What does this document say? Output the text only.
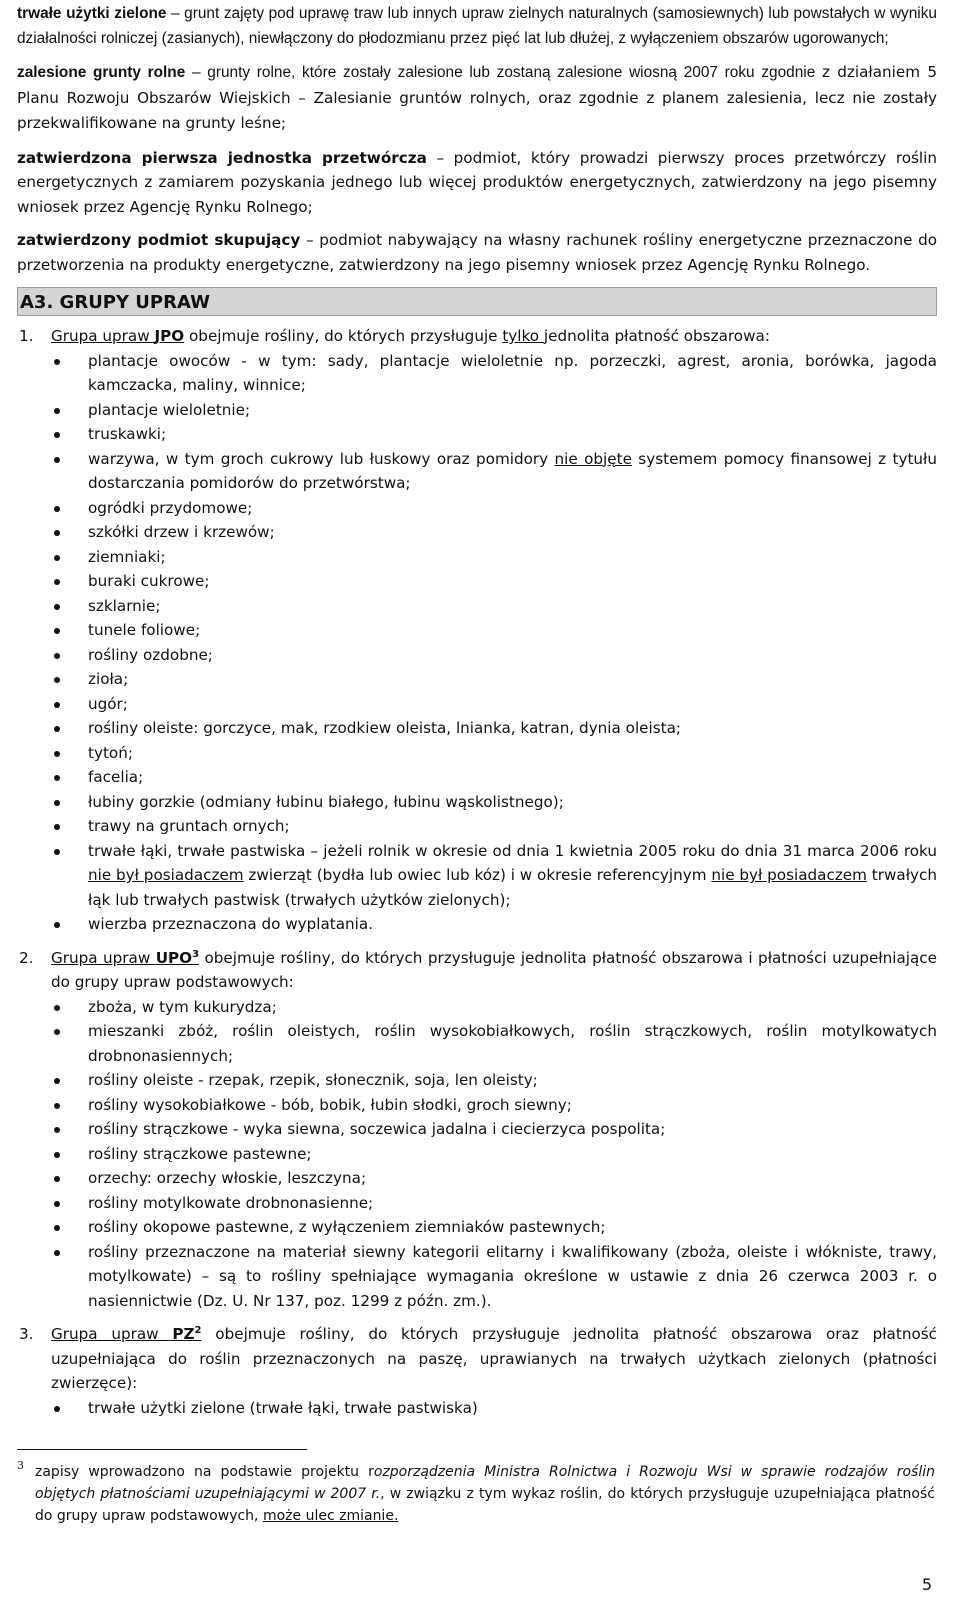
trwałe użytki zielone – grunt zajęty pod uprawę traw lub innych upraw zielnych naturalnych (samosiewnych) lub powstałych w wyniku działalności rolniczej (zasianych), niewłączony do płodozmianu przez pięć lat lub dłużej, z wyłączeniem obszarów ugorowanych;

zalesione grunty rolne – grunty rolne, które zostały zalesione lub zostaną zalesione wiosną 2007 roku zgodnie z działaniem 5 Planu Rozwoju Obszarów Wiejskich – Zalesianie gruntów rolnych, oraz zgodnie z planem zalesienia, lecz nie zostały przekwalifikowane na grunty leśne;

zatwierdzona pierwsza jednostka przetwórcza – podmiot, który prowadzi pierwszy proces przetwórczy roślin energetycznych z zamiarem pozyskania jednego lub więcej produktów energetycznych, zatwierdzony na jego pisemny wniosek przez Agencję Rynku Rolnego;

zatwierdzony podmiot skupujący – podmiot nabywający na własny rachunek rośliny energetyczne przeznaczone do przetworzenia na produkty energetyczne, zatwierdzony na jego pisemny wniosek przez Agencję Rynku Rolnego.

A3. GRUPY UPRAW
1. Grupa upraw JPO obejmuje rośliny, do których przysługuje tylko jednolita płatność obszarowa:

plantacje owoców - w tym: sady, plantacje wieloletnie np. porzeczki, agrest, aronia, borówka, jagoda kamczacka, maliny, winnice;
plantacje wieloletnie;
truskawki;
warzywa, w tym groch cukrowy lub łuskowy oraz pomidory nie objęte systemem pomocy finansowej z tytułu dostarczania pomidorów do przetwórstwa;
ogródki przydomowe;
szkółki drzew i krzewów;
ziemniaki;
buraki cukrowe;
szklarnie;
tunele foliowe;
rośliny ozdobne;
zioła;
ugór;
rośliny oleiste: gorczyce, mak, rzodkiew oleista, lnianka, katran, dynia oleista;
tytoń;
facelia;
łubiny gorzkie (odmiany łubinu białego, łubinu wąskolistnego);
trawy na gruntach ornych;
trwałe łąki, trwałe pastwiska – jeżeli rolnik w okresie od dnia 1 kwietnia 2005 roku do dnia 31 marca 2006 roku nie był posiadaczem zwierząt (bydła lub owiec lub kóz) i w okresie referencyjnym nie był posiadaczem trwałych łąk lub trwałych pastwisk (trwałych użytków zielonych);
wierzba przeznaczona do wyplatania.
2. Grupa upraw UPO$^3$ obejmuje rośliny, do których przysługuje jednolita płatność obszarowa i płatności uzupełniające do grupy upraw podstawowych:

zboża, w tym kukurydza;
mieszanki zbóż, roślin oleistych, roślin wysokobiałkowych, roślin strączkowych, roślin motylkowatych drobnonasiennych;
rośliny oleiste - rzepak, rzepik, słonecznik, soja, len oleisty;
rośliny wysokobiałkowe - bób, bobik, łubin słodki, groch siewny;
rośliny strączkowe - wyka siewna, soczewica jadalna i ciecierzyca pospolita;
rośliny strączkowe pastewne;
orzechy: orzechy włoskie, leszczyna;
rośliny motylkowate drobnonasienne;
rośliny okopowe pastewne, z wyłączeniem ziemniaków pastewnych;
rośliny przeznaczone na materiał siewny kategorii elitarny i kwalifikowany (zboża, oleiste i włókniste, trawy, motylkowate) – są to rośliny spełniające wymagania określone w ustawie z dnia 26 czerwca 2003 r. o nasiennictwie (Dz. U. Nr 137, poz. 1299 z późn. zm.).
3. Grupa upraw $PZ^2$ obejmuje rośliny, do których przysługuje jednolita płatność obszarowa oraz płatność uzupełniająca do roślin przeznaczonych na paszę, uprawianych na trwałych użytkach zielonych (płatności zwierzęce):

trwałe użytki zielone (trwałe łąki, trwałe pastwiska)
3 zapisy wprowadzono na podstawie projektu rozporządzenia Ministra Rolnictwa i Rozwoju Wsi w sprawie rodzajów roślin objętych płatnościami uzupełniającymi w 2007 r., w związku z tym wykaz roślin, do których przysługuje uzupełniająca płatność do grupy upraw podstawowych, może ulec zmianie.
5
